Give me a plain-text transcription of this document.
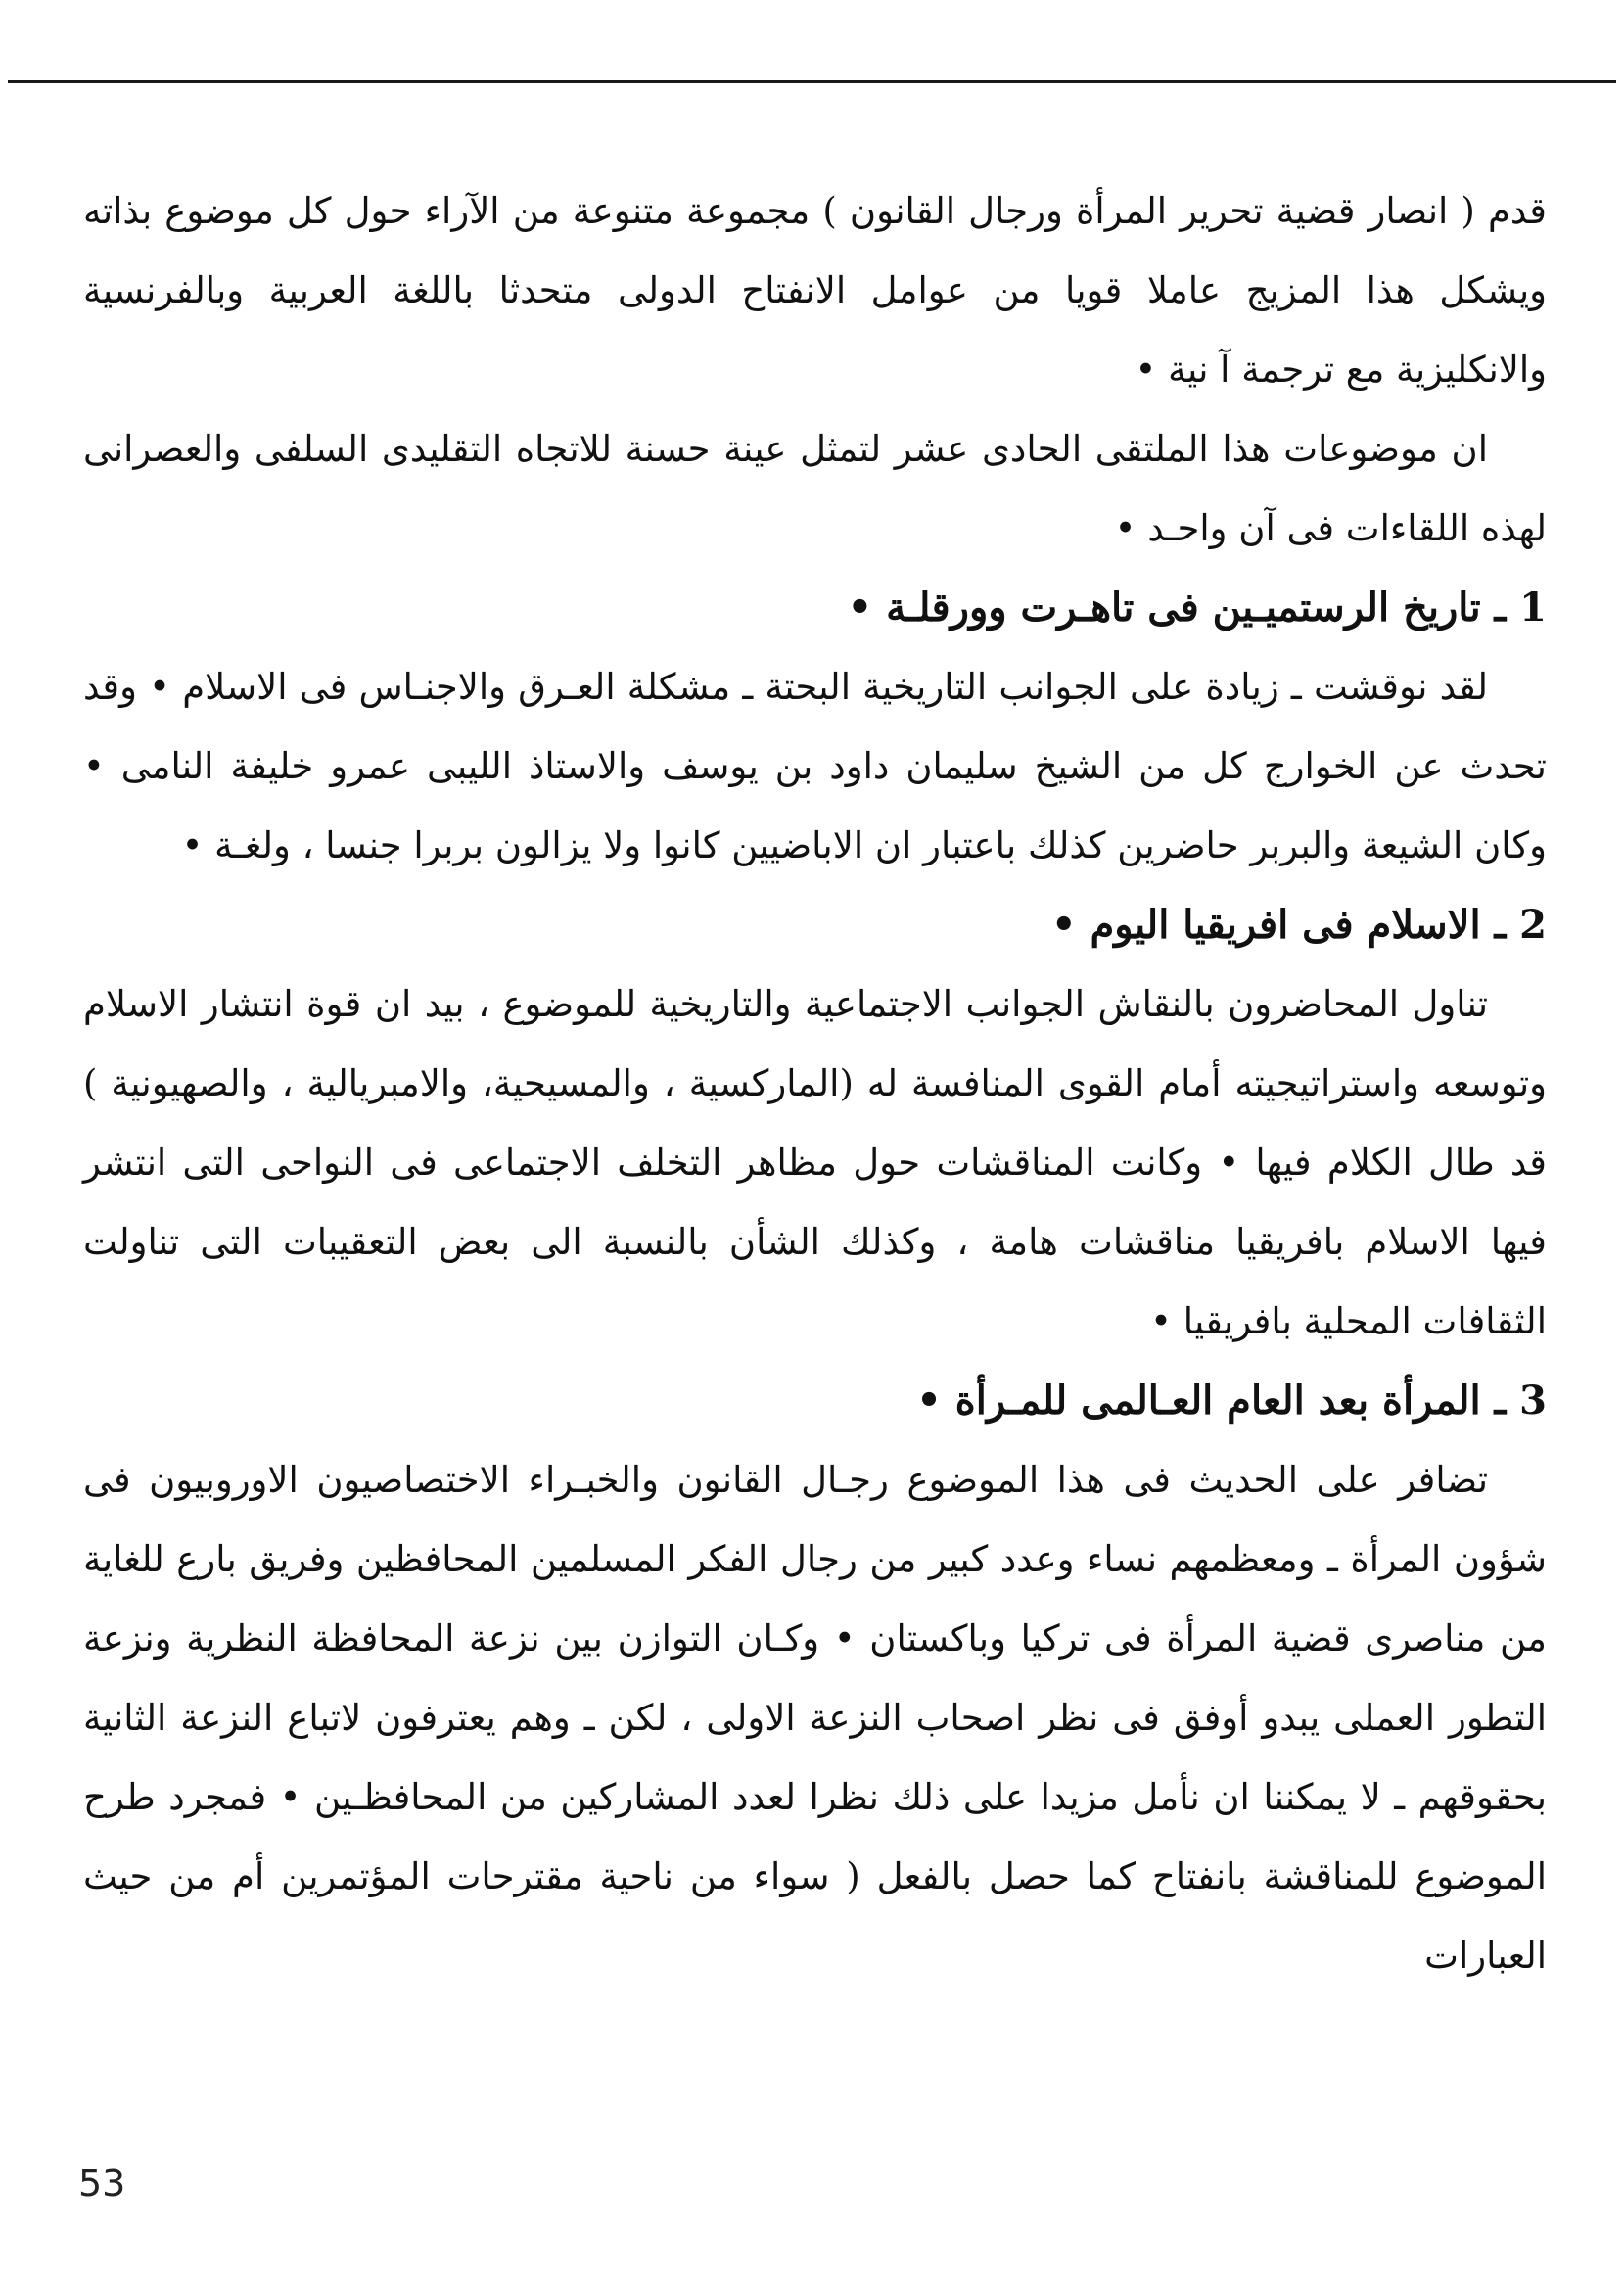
قدم ( انصار قضية تحرير المرأة ورجال القانون ) مجموعة متنوعة من الآراء حول كل موضوع بذاته ويشكل هذا المزيج عاملا قويا من عوامل الانفتاح الدولى متحدثا باللغة العربية وبالفرنسية والانكليزية مع ترجمة آ نية •

ان موضوعات هذا الملتقى الحادى عشر لتمثل عينة حسنة للاتجاه التقليدى السلفى والعصرانى لهذه اللقاءات فى آن واحـد •

1 ـ تاريخ الرستميـين فى تاهـرت وورقلـة •

لقد نوقشت ـ زيادة على الجوانب التاريخية البحتة ـ مشكلة العـرق والاجنـاس فى الاسلام • وقد تحدث عن الخوارج كل من الشيخ سليمان داود بن يوسف والاستاذ الليبى عمرو خليفة النامى • وكان الشيعة والبربر حاضرين كذلك باعتبار ان الاباضيين كانوا ولا يزالون بربرا جنسا ، ولغـة •

2 ـ الاسلام فى افريقيا اليوم •

تناول المحاضرون بالنقاش الجوانب الاجتماعية والتاريخية للموضوع ، بيد ان قوة انتشار الاسلام وتوسعه واستراتيجيته أمام القوى المنافسة له (الماركسية ، والمسيحية، والامبريالية ، والصهيونية ) قد طال الكلام فيها • وكانت المناقشات حول مظاهر التخلف الاجتماعى فى النواحى التى انتشر فيها الاسلام بافريقيا مناقشات هامة ، وكذلك الشأن بالنسبة الى بعض التعقيبات التى تناولت الثقافات المحلية بافريقيا •

3 ـ المرأة بعد العام العـالمى للمـرأة •

تضافر على الحديث فى هذا الموضوع رجـال القانون والخبـراء الاختصاصيون الاوروبيون فى شؤون المرأة ـ ومعظمهم نساء وعدد كبير من رجال الفكر المسلمين المحافظين وفريق بارع للغاية من مناصرى قضية المرأة فى تركيا وباكستان • وكـان التوازن بين نزعة المحافظة النظرية ونزعة التطور العملى يبدو أوفق فى نظر اصحاب النزعة الاولى ، لكن ـ وهم يعترفون لاتباع النزعة الثانية بحقوقهم ـ لا يمكننا ان نأمل مزيدا على ذلك نظرا لعدد المشاركين من المحافظـين • فمجرد طرح الموضوع للمناقشة بانفتاح كما حصل بالفعل ( سواء من ناحية مقترحات المؤتمرين أم من حيث العبارات

53
